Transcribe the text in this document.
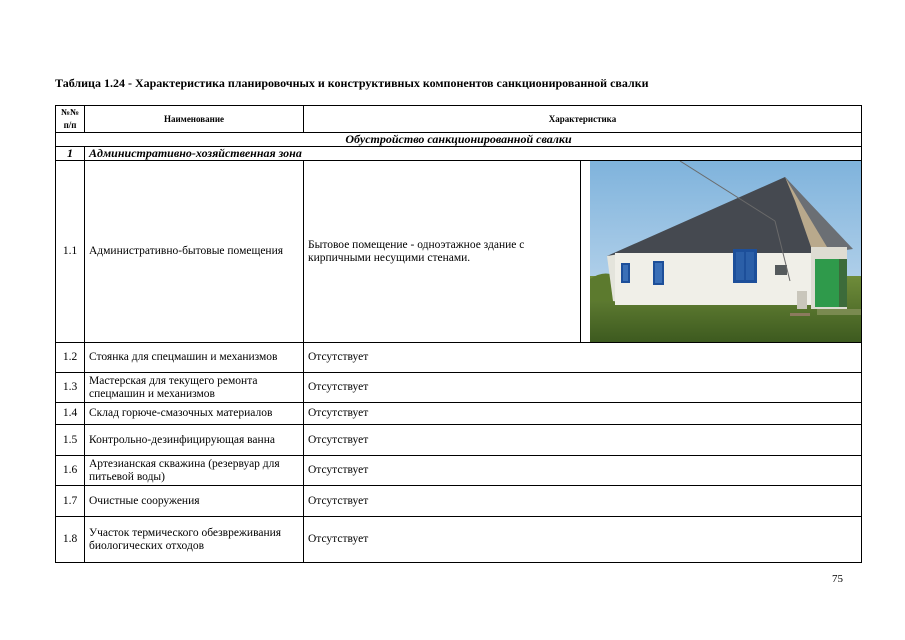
Таблица 1.24 - Характеристика планировочных и конструктивных компонентов санкционированной свалки
№№ п/п	Наименование	Характеристика	
Обустройство санкционированной свалки			
1	Административно-хозяйственная зона		
1.1	Административно-бытовые помещения	Бытовое помещение - одноэтажное здание с кирпичными несущими стенами.	

1.2	Стоянка для спецмашин и механизмов	Отсутствует	
1.3	Мастерская для текущего ремонта спецмашин и механизмов	Отсутствует	
1.4	Склад горюче-смазочных материалов	Отсутствует	
1.5	Контрольно-дезинфицирующая ванна	Отсутствует	
1.6	Артезианская скважина (резервуар для питьевой воды)	Отсутствует	
1.7	Очистные сооружения	Отсутствует	
1.8	Участок термического обезвреживания биологических отходов	Отсутствует	
75
